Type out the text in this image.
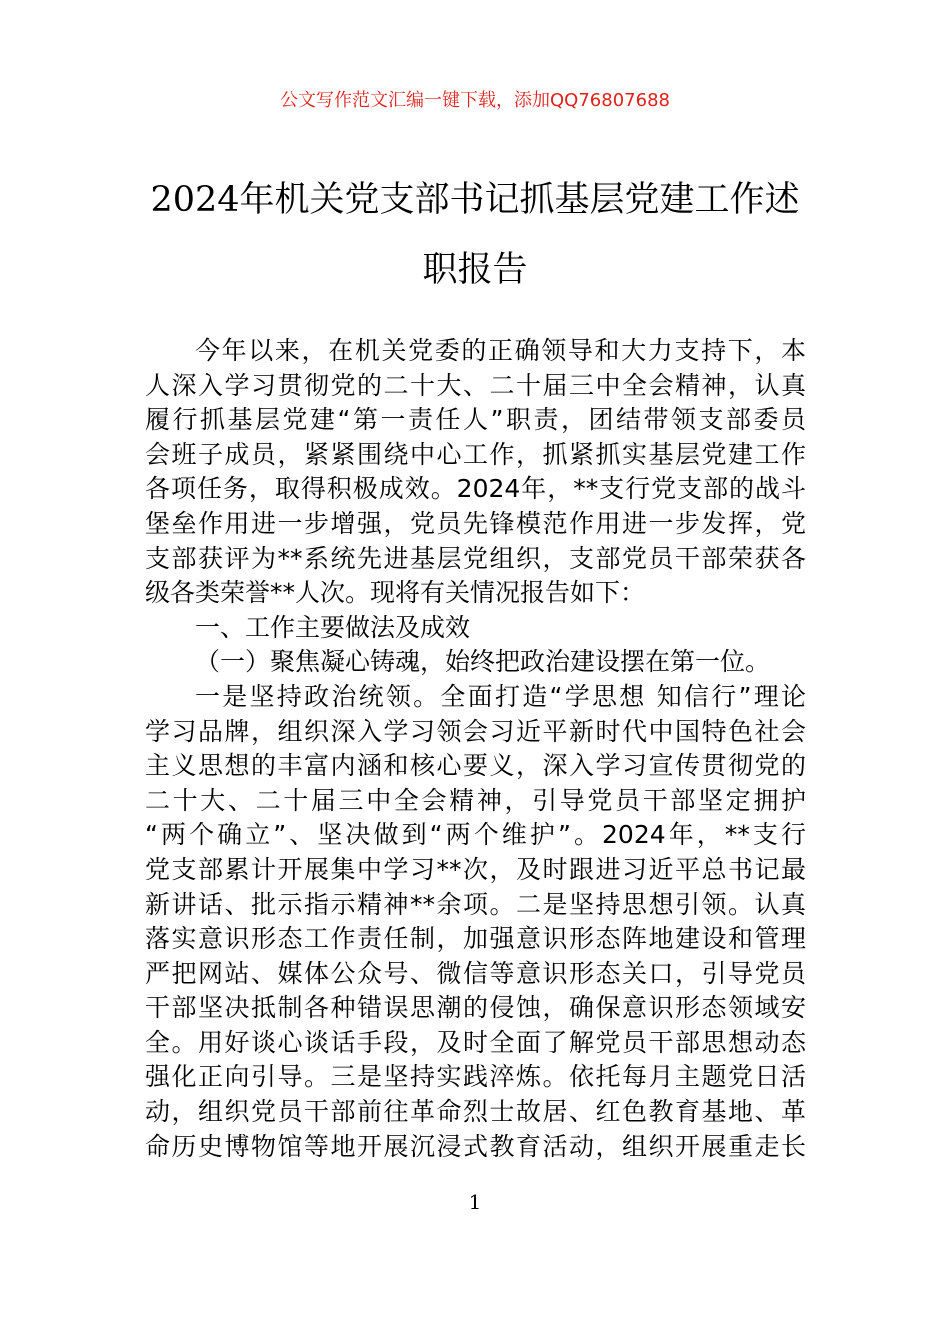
公文写作范文汇编一键下载，添加QQ76807688
2024年机关党支部书记抓基层党建工作述
职报告
今年以来，在机关党委的正确领导和大力支持下，本
人深入学习贯彻党的二十大、二十届三中全会精神，认真
履行抓基层党建“第一责任人”职责，团结带领支部委员
会班子成员，紧紧围绕中心工作，抓紧抓实基层党建工作
各项任务，取得积极成效。2024年，**支行党支部的战斗
堡垒作用进一步增强，党员先锋模范作用进一步发挥，党
支部获评为**系统先进基层党组织，支部党员干部荣获各
级各类荣誉**人次。现将有关情况报告如下：
一、工作主要做法及成效
（一）聚焦凝心铸魂，始终把政治建设摆在第一位。
一是坚持政治统领。全面打造“学思想 知信行”理论
学习品牌，组织深入学习领会习近平新时代中国特色社会
主义思想的丰富内涵和核心要义，深入学习宣传贯彻党的
二十大、二十届三中全会精神，引导党员干部坚定拥护
“两个确立”、坚决做到“两个维护”。2024年，**支行
党支部累计开展集中学习**次，及时跟进习近平总书记最
新讲话、批示指示精神**余项。二是坚持思想引领。认真
落实意识形态工作责任制，加强意识形态阵地建设和管理
严把网站、媒体公众号、微信等意识形态关口，引导党员
干部坚决抵制各种错误思潮的侵蚀，确保意识形态领域安
全。用好谈心谈话手段，及时全面了解党员干部思想动态
强化正向引导。三是坚持实践淬炼。依托每月主题党日活
动，组织党员干部前往革命烈士故居、红色教育基地、革
命历史博物馆等地开展沉浸式教育活动，组织开展重走长
1
